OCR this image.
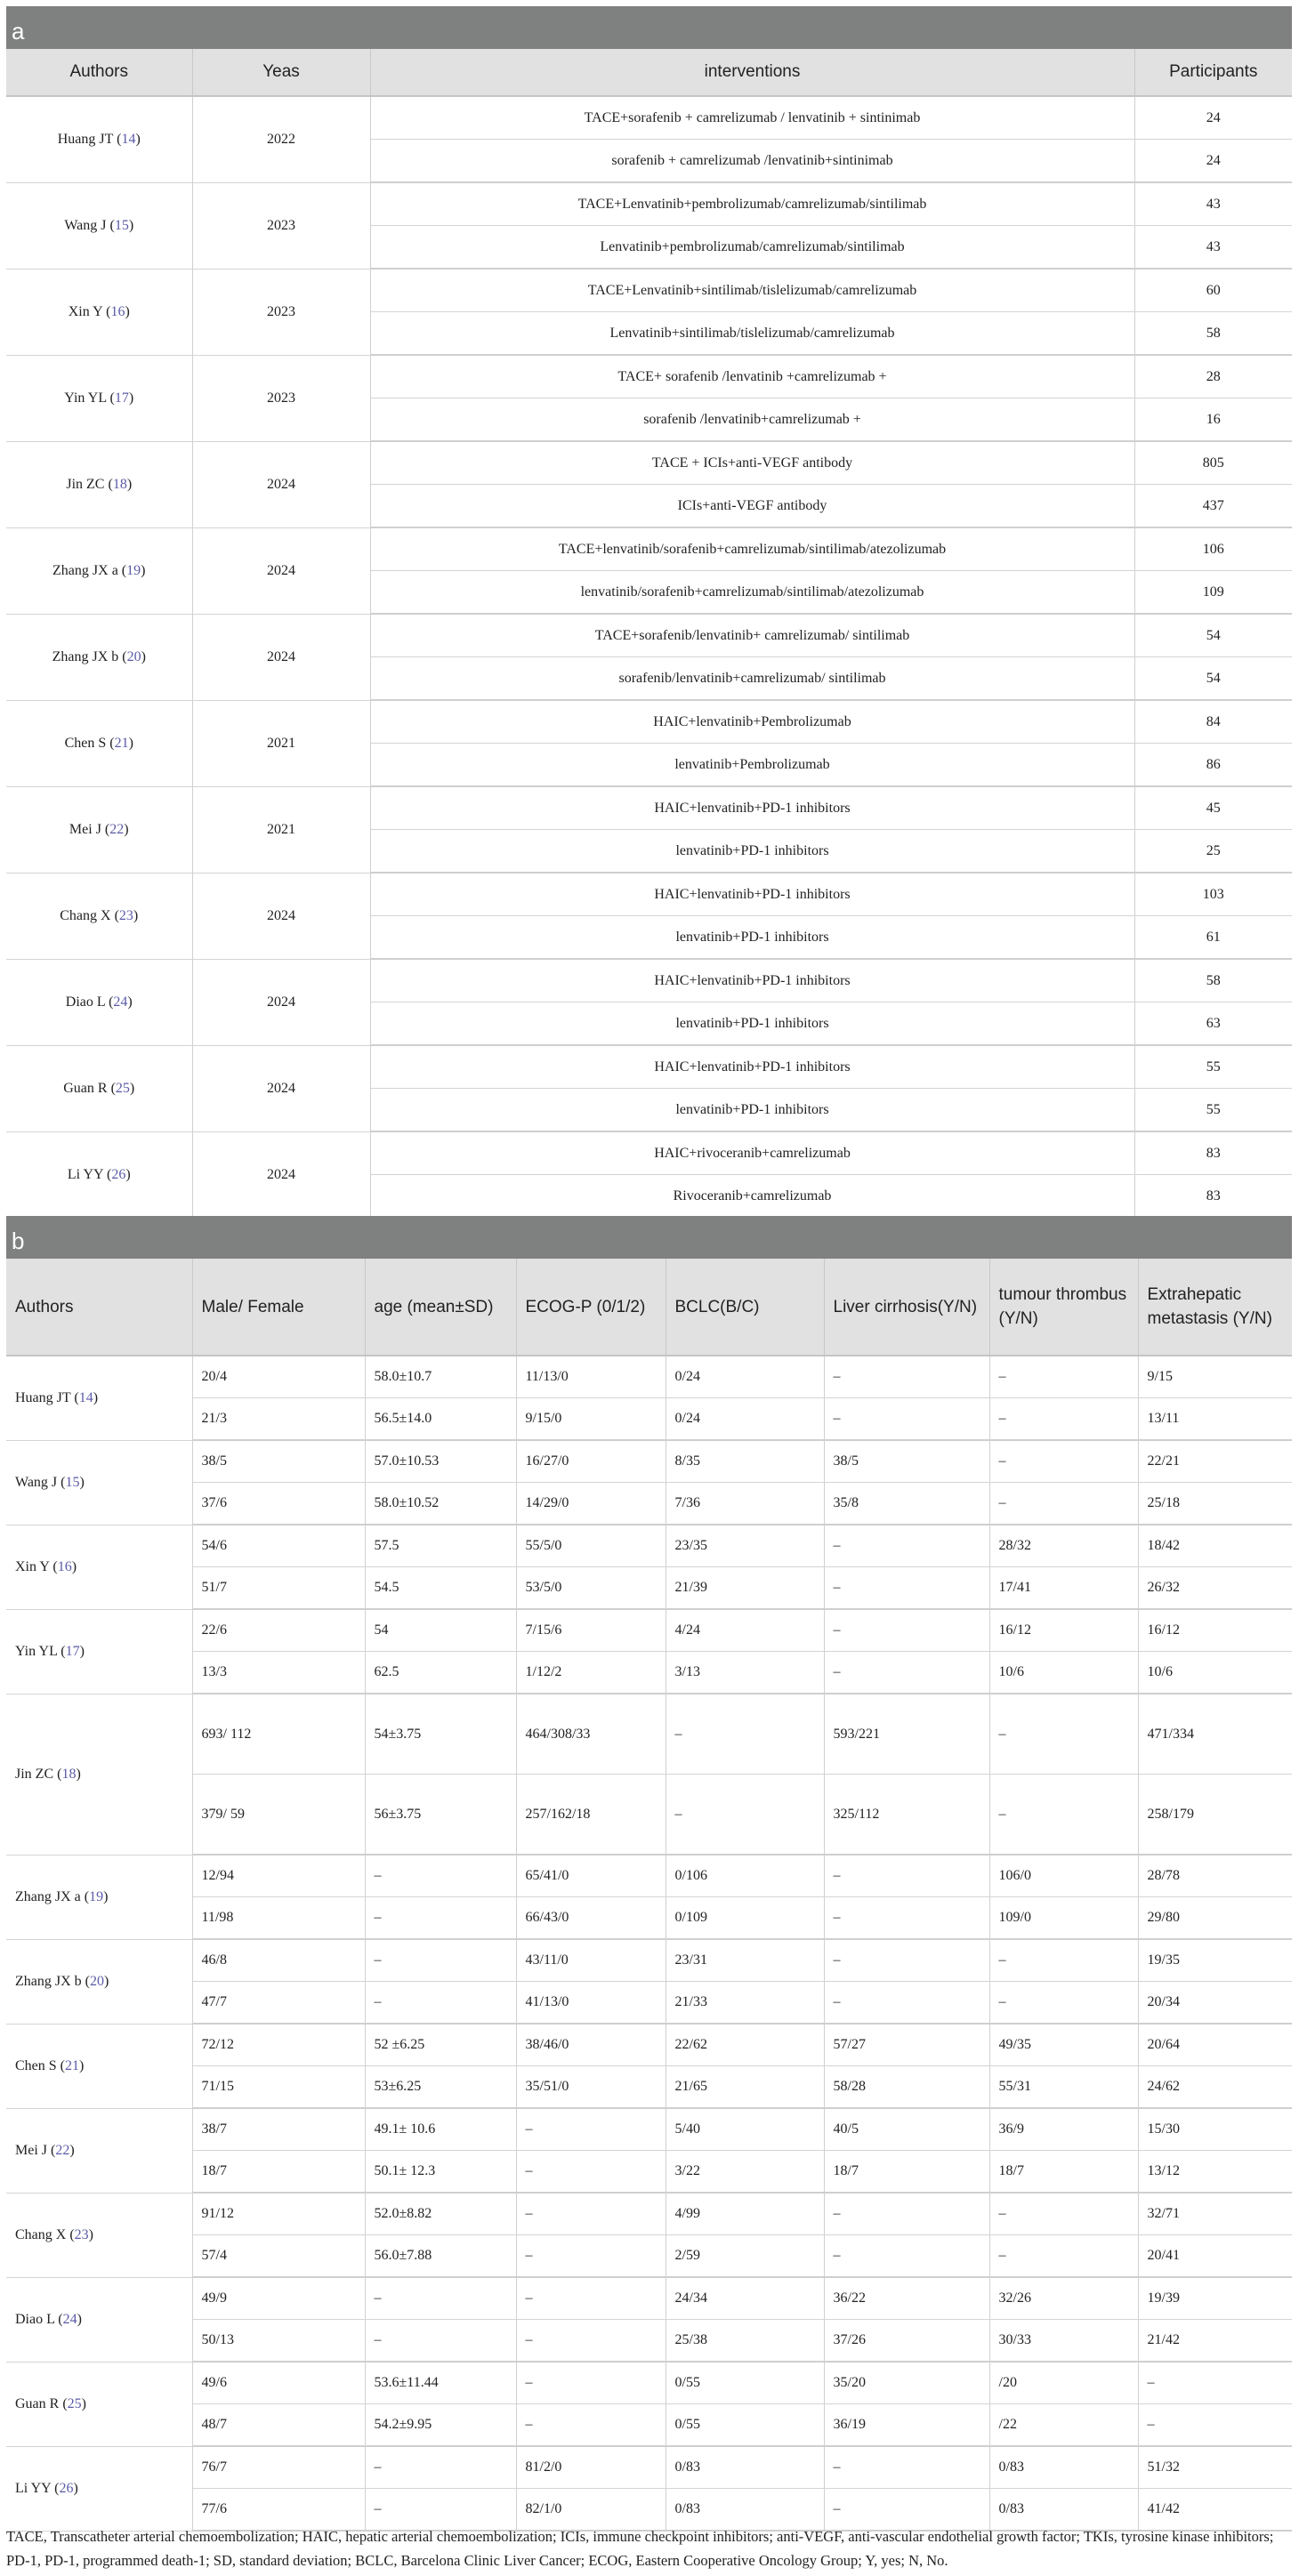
a
Authors	Yeas	interventions	Participants
Huang JT (14)	2022	TACE+sorafenib + camrelizumab / lenvatinib + sintinimab	24
		sorafenib + camrelizumab /lenvatinib+sintinimab	24
Wang J (15)	2023	TACE+Lenvatinib+pembrolizumab/camrelizumab/sintilimab	43
		Lenvatinib+pembrolizumab/camrelizumab/sintilimab	43
Xin Y (16)	2023	TACE+Lenvatinib+sintilimab/tislelizumab/camrelizumab	60
		Lenvatinib+sintilimab/tislelizumab/camrelizumab	58
Yin YL (17)	2023	TACE+ sorafenib /lenvatinib +camrelizumab +	28
		sorafenib /lenvatinib+camrelizumab +	16
Jin ZC (18)	2024	TACE + ICIs+anti-VEGF antibody	805
		ICIs+anti-VEGF antibody	437
Zhang JX a (19)	2024	TACE+lenvatinib/sorafenib+camrelizumab/sintilimab/atezolizumab	106
		lenvatinib/sorafenib+camrelizumab/sintilimab/atezolizumab	109
Zhang JX b (20)	2024	TACE+sorafenib/lenvatinib+ camrelizumab/ sintilimab	54
		sorafenib/lenvatinib+camrelizumab/ sintilimab	54
Chen S (21)	2021	HAIC+lenvatinib+Pembrolizumab	84
		lenvatinib+Pembrolizumab	86
Mei J (22)	2021	HAIC+lenvatinib+PD-1 inhibitors	45
		lenvatinib+PD-1 inhibitors	25
Chang X (23)	2024	HAIC+lenvatinib+PD-1 inhibitors	103
		lenvatinib+PD-1 inhibitors	61
Diao L (24)	2024	HAIC+lenvatinib+PD-1 inhibitors	58
		lenvatinib+PD-1 inhibitors	63
Guan R (25)	2024	HAIC+lenvatinib+PD-1 inhibitors	55
		lenvatinib+PD-1 inhibitors	55
Li YY (26)	2024	HAIC+rivoceranib+camrelizumab	83
		Rivoceranib+camrelizumab	83
b
Authors	Male/ Female	age (mean±SD)	ECOG-P (0/1/2)	BCLC(B/C)	Liver cirrhosis(Y/N)	tumour thrombus (Y/N)	Extrahepatic metastasis (Y/N)
Huang JT (14)	20/4	58.0±10.7	11/13/0	0/24	–	–	9/15
	21/3	56.5±14.0	9/15/0	0/24	–	–	13/11
Wang J (15)	38/5	57.0±10.53	16/27/0	8/35	38/5	–	22/21
	37/6	58.0±10.52	14/29/0	7/36	35/8	–	25/18
Xin Y (16)	54/6	57.5	55/5/0	23/35	–	28/32	18/42
	51/7	54.5	53/5/0	21/39	–	17/41	26/32
Yin YL (17)	22/6	54	7/15/6	4/24	–	16/12	16/12
	13/3	62.5	1/12/2	3/13	–	10/6	10/6
Jin ZC (18)	693/ 112	54±3.75	464/308/33	–	593/221	–	471/334
	379/ 59	56±3.75	257/162/18	–	325/112	–	258/179
Zhang JX a (19)	12/94	–	65/41/0	0/106	–	106/0	28/78
	11/98	–	66/43/0	0/109	–	109/0	29/80
Zhang JX b (20)	46/8	–	43/11/0	23/31	–	–	19/35
	47/7	–	41/13/0	21/33	–	–	20/34
Chen S (21)	72/12	52 ±6.25	38/46/0	22/62	57/27	49/35	20/64
	71/15	53±6.25	35/51/0	21/65	58/28	55/31	24/62
Mei J (22)	38/7	49.1± 10.6	–	5/40	40/5	36/9	15/30
	18/7	50.1± 12.3	–	3/22	18/7	18/7	13/12
Chang X (23)	91/12	52.0±8.82	–	4/99	–	–	32/71
	57/4	56.0±7.88	–	2/59	–	–	20/41
Diao L (24)	49/9	–	–	24/34	36/22	32/26	19/39
	50/13	–	–	25/38	37/26	30/33	21/42
Guan R (25)	49/6	53.6±11.44	–	0/55	35/20	/20	–
	48/7	54.2±9.95	–	0/55	36/19	/22	–
Li YY (26)	76/7	–	81/2/0	0/83	–	0/83	51/32
	77/6	–	82/1/0	0/83	–	0/83	41/42
TACE, Transcatheter arterial chemoembolization; HAIC, hepatic arterial chemoembolization; ICIs, immune checkpoint inhibitors; anti-VEGF, anti-vascular endothelial growth factor; TKIs, tyrosine kinase inhibitors; PD-1, PD-1, programmed death-1; SD, standard deviation; BCLC, Barcelona Clinic Liver Cancer; ECOG, Eastern Cooperative Oncology Group; Y, yes; N, No.
